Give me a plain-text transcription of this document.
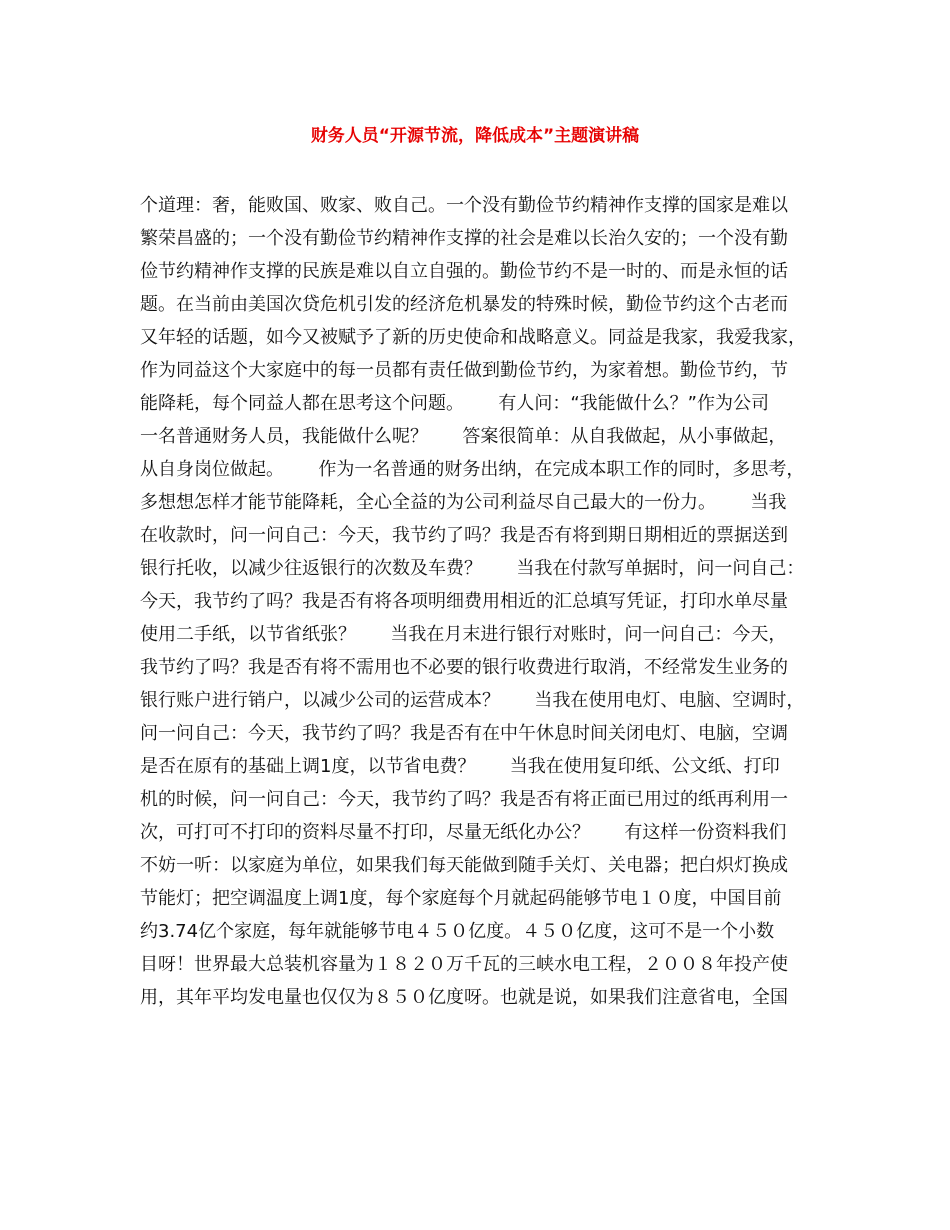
财务人员“开源节流，降低成本”主题演讲稿
个道理：奢，能败国、败家、败自己。一个没有勤俭节约精神作支撑的国家是难以
繁荣昌盛的；一个没有勤俭节约精神作支撑的社会是难以长治久安的；一个没有勤
俭节约精神作支撑的民族是难以自立自强的。勤俭节约不是一时的、而是永恒的话
题。在当前由美国次贷危机引发的经济危机暴发的特殊时候，勤俭节约这个古老而
又年轻的话题，如今又被赋予了新的历史使命和战略意义。同益是我家，我爱我家，
作为同益这个大家庭中的每一员都有责任做到勤俭节约，为家着想。勤俭节约，节
能降耗，每个同益人都在思考这个问题。      有人问：“我能做什么？”作为公司
一名普通财务人员，我能做什么呢？      答案很简单：从自我做起，从小事做起，
从自身岗位做起。      作为一名普通的财务出纳，在完成本职工作的同时，多思考，
多想想怎样才能节能降耗，全心全益的为公司利益尽自己最大的一份力。      当我
在收款时，问一问自己：今天，我节约了吗？我是否有将到期日期相近的票据送到
银行托收，以减少往返银行的次数及车费？      当我在付款写单据时，问一问自己：
今天，我节约了吗？我是否有将各项明细费用相近的汇总填写凭证，打印水单尽量
使用二手纸，以节省纸张？      当我在月末进行银行对账时，问一问自己：今天，
我节约了吗？我是否有将不需用也不必要的银行收费进行取消，不经常发生业务的
银行账户进行销户，以减少公司的运营成本？      当我在使用电灯、电脑、空调时，
问一问自己：今天，我节约了吗？我是否有在中午休息时间关闭电灯、电脑，空调
是否在原有的基础上调1度，以节省电费？      当我在使用复印纸、公文纸、打印
机的时候，问一问自己：今天，我节约了吗？我是否有将正面已用过的纸再利用一
次，可打可不打印的资料尽量不打印，尽量无纸化办公？      有这样一份资料我们
不妨一听：以家庭为单位，如果我们每天能做到随手关灯、关电器；把白炽灯换成
节能灯；把空调温度上调1度，每个家庭每个月就起码能够节电１０度，中国目前
约3.74亿个家庭，每年就能够节电４５０亿度。４５０亿度，这可不是一个小数
目呀！世界最大总装机容量为１８２０万千瓦的三峡水电工程，２００８年投产使
用，其年平均发电量也仅仅为８５０亿度呀。也就是说，如果我们注意省电，全国
